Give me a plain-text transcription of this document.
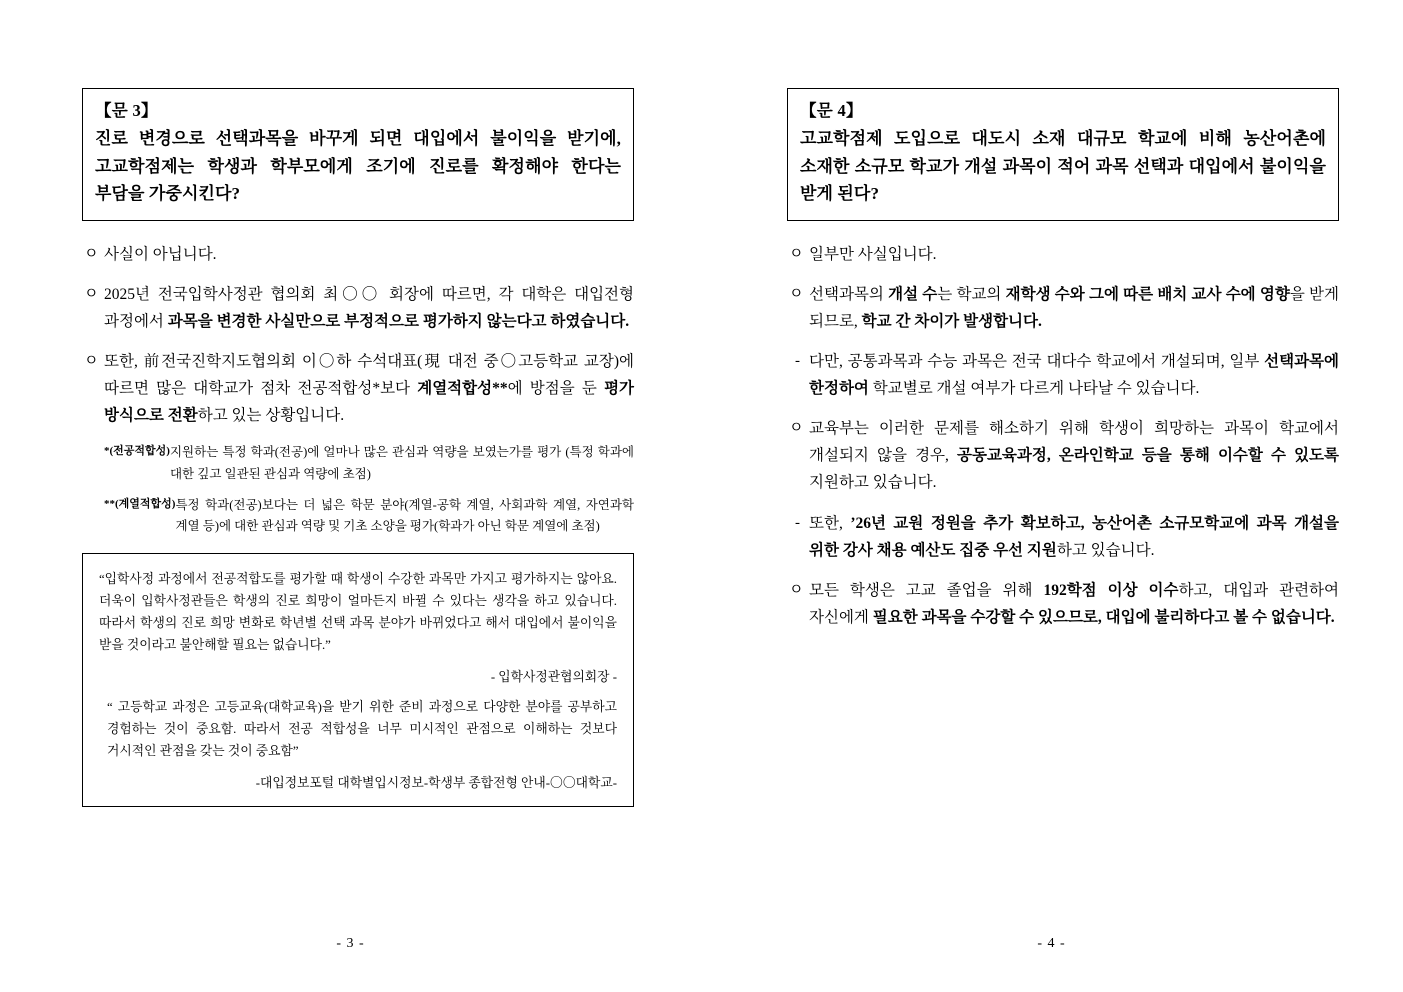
【문 3】
진로 변경으로 선택과목을 바꾸게 되면 대입에서 불이익을 받기에, 고교학점제는 학생과 학부모에게 조기에 진로를 확정해야 한다는 부담을 가중시킨다?
ㅇ 사실이 아닙니다.
ㅇ 2025년 전국입학사정관 협의회 최〇〇 회장에 따르면, 각 대학은 대입전형 과정에서 과목을 변경한 사실만으로 부정적으로 평가하지 않는다고 하였습니다.
ㅇ 또한, 前전국진학지도협의회 이〇하 수석대표(現 대전 중〇고등학교 교장)에 따르면 많은 대학교가 점차 전공적합성*보다 계열적합성**에 방점을 둔 평가 방식으로 전환하고 있는 상황입니다.
*(전공적합성) 지원하는 특정 학과(전공)에 얼마나 많은 관심과 역량을 보였는가를 평가 (특정 학과에 대한 깊고 일관된 관심과 역량에 초점)
**(계열적합성) 특정 학과(전공)보다는 더 넓은 학문 분야(계열-공학 계열, 사회과학 계열, 자연과학 계열 등)에 대한 관심과 역량 및 기초 소양을 평가(학과가 아닌 학문 계열에 초점)

“입학사정 과정에서 전공적합도를 평가할 때 학생이 수강한 과목만 가지고 평가하지는 않아요. 더욱이 입학사정관들은 학생의 진로 희망이 얼마든지 바뀔 수 있다는 생각을 하고 있습니다. 따라서 학생의 진로 희망 변화로 학년별 선택 과목 분야가 바뀌었다고 해서 대입에서 불이익을 받을 것이라고 불안해할 필요는 없습니다.”

- 입학사정관협의회장 -

“ 고등학교 과정은 고등교육(대학교육)을 받기 위한 준비 과정으로 다양한 분야를 공부하고 경험하는 것이 중요함. 따라서 전공 적합성을 너무 미시적인 관점으로 이해하는 것보다 거시적인 관점을 갖는 것이 중요함”

-대입정보포털 대학별입시정보-학생부 종합전형 안내-〇〇대학교-

- 3 -
【문 4】
고교학점제 도입으로 대도시 소재 대규모 학교에 비해 농산어촌에 소재한 소규모 학교가 개설 과목이 적어 과목 선택과 대입에서 불이익을 받게 된다?
ㅇ 일부만 사실입니다.
ㅇ 선택과목의 개설 수는 학교의 재학생 수와 그에 따른 배치 교사 수에 영향을 받게 되므로, 학교 간 차이가 발생합니다.
- 다만, 공통과목과 수능 과목은 전국 대다수 학교에서 개설되며, 일부 선택과목에 한정하여 학교별로 개설 여부가 다르게 나타날 수 있습니다.
ㅇ 교육부는 이러한 문제를 해소하기 위해 학생이 희망하는 과목이 학교에서 개설되지 않을 경우, 공동교육과정, 온라인학교 등을 통해 이수할 수 있도록 지원하고 있습니다.
- 또한, ’26년 교원 정원을 추가 확보하고, 농산어촌 소규모학교에 과목 개설을 위한 강사 채용 예산도 집중 우선 지원하고 있습니다.
ㅇ 모든 학생은 고교 졸업을 위해 192학점 이상 이수하고, 대입과 관련하여 자신에게 필요한 과목을 수강할 수 있으므로, 대입에 불리하다고 볼 수 없습니다.
- 4 -
